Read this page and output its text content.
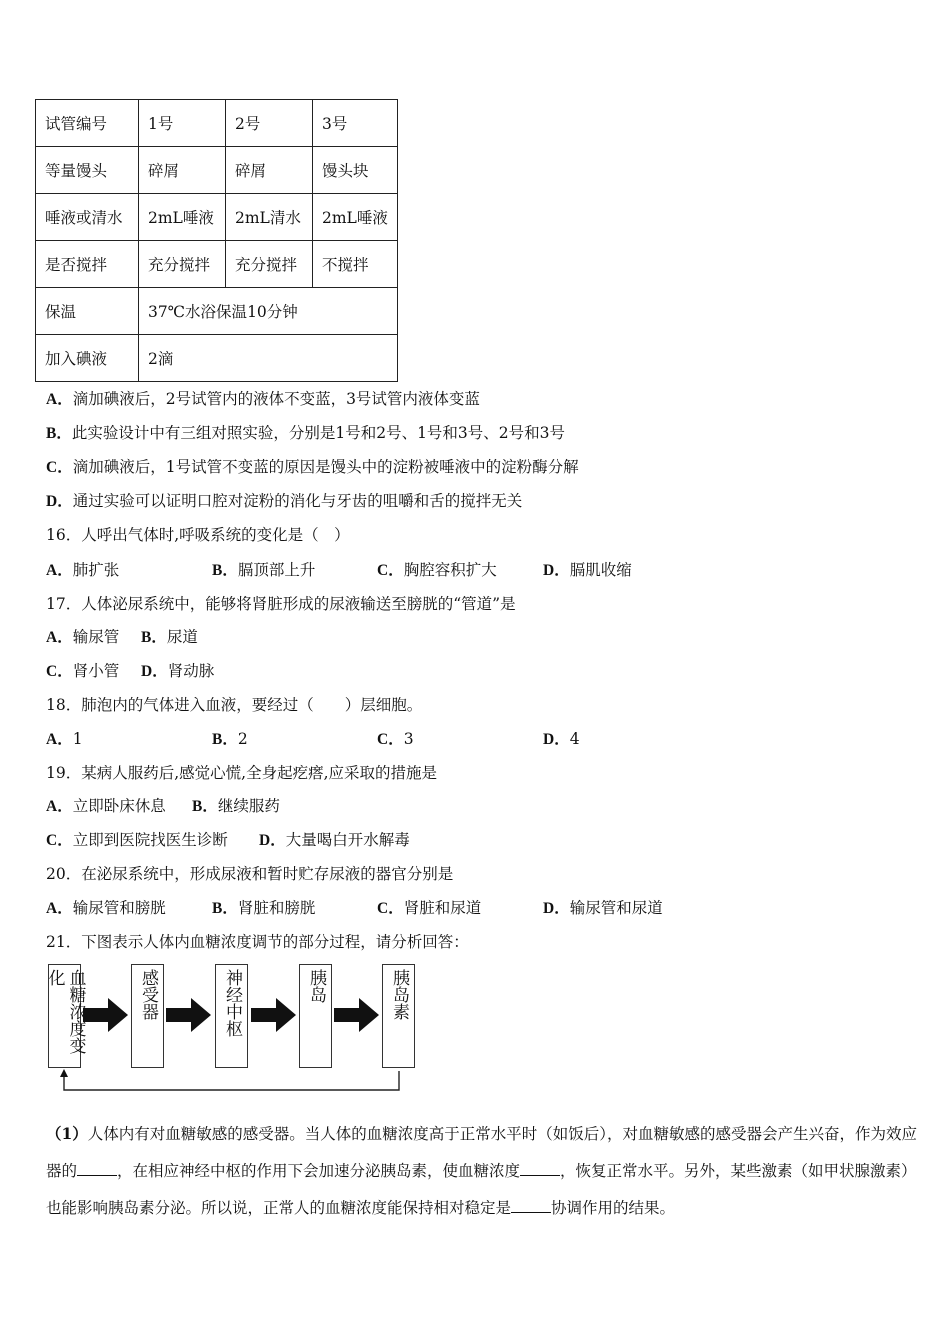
试管编号	1号	2号	3号
等量馒头	碎屑	碎屑	馒头块
唾液或清水	2mL唾液	2mL清水	2mL唾液
是否搅拌	充分搅拌	充分搅拌	不搅拌
保温	37℃水浴保温10分钟		
加入碘液	2滴		
A．滴加碘液后，2号试管内的液体不变蓝，3号试管内液体变蓝
B．此实验设计中有三组对照实验，分别是1号和2号、1号和3号、2号和3号
C．滴加碘液后，1号试管不变蓝的原因是馒头中的淀粉被唾液中的淀粉酶分解
D．通过实验可以证明口腔对淀粉的消化与牙齿的咀嚼和舌的搅拌无关
16．人呼出气体时,呼吸系统的变化是（　）
A．肺扩张	B．膈顶部上升	C．胸腔容积扩大	D．膈肌收缩
17．人体泌尿系统中，能够将肾脏形成的尿液输送至膀胱的“管道”是
A．输尿管 B．尿道
C．肾小管 D．肾动脉
18．肺泡内的气体进入血液，要经过（　　）层细胞。
A．1	B．2	C．3	D．4
19．某病人服药后,感觉心慌,全身起疙瘩,应采取的措施是
A．立即卧床休息 B．继续服药
C．立即到医院找医生诊断 D．大量喝白开水解毒
20．在泌尿系统中，形成尿液和暂时贮存尿液的器官分别是
A．输尿管和膀胱	B．肾脏和膀胱	C．肾脏和尿道	D．输尿管和尿道
21．下图表示人体内血糖浓度调节的部分过程，请分析回答：
血糖浓度变化	感受器	神经中枢	胰岛	胰岛素
（1）人体内有对血糖敏感的感受器。当人体的血糖浓度高于正常水平时（如饭后），对血糖敏感的感受器会产生兴奋，作为效应器的	，在相应神经中枢的作用下会加速分泌胰岛素，使血糖浓度	，恢复正常水平。另外，某些激素（如甲状腺激素）也能影响胰岛素分泌。所以说，正常人的血糖浓度能保持相对稳定是	协调作用的结果。
